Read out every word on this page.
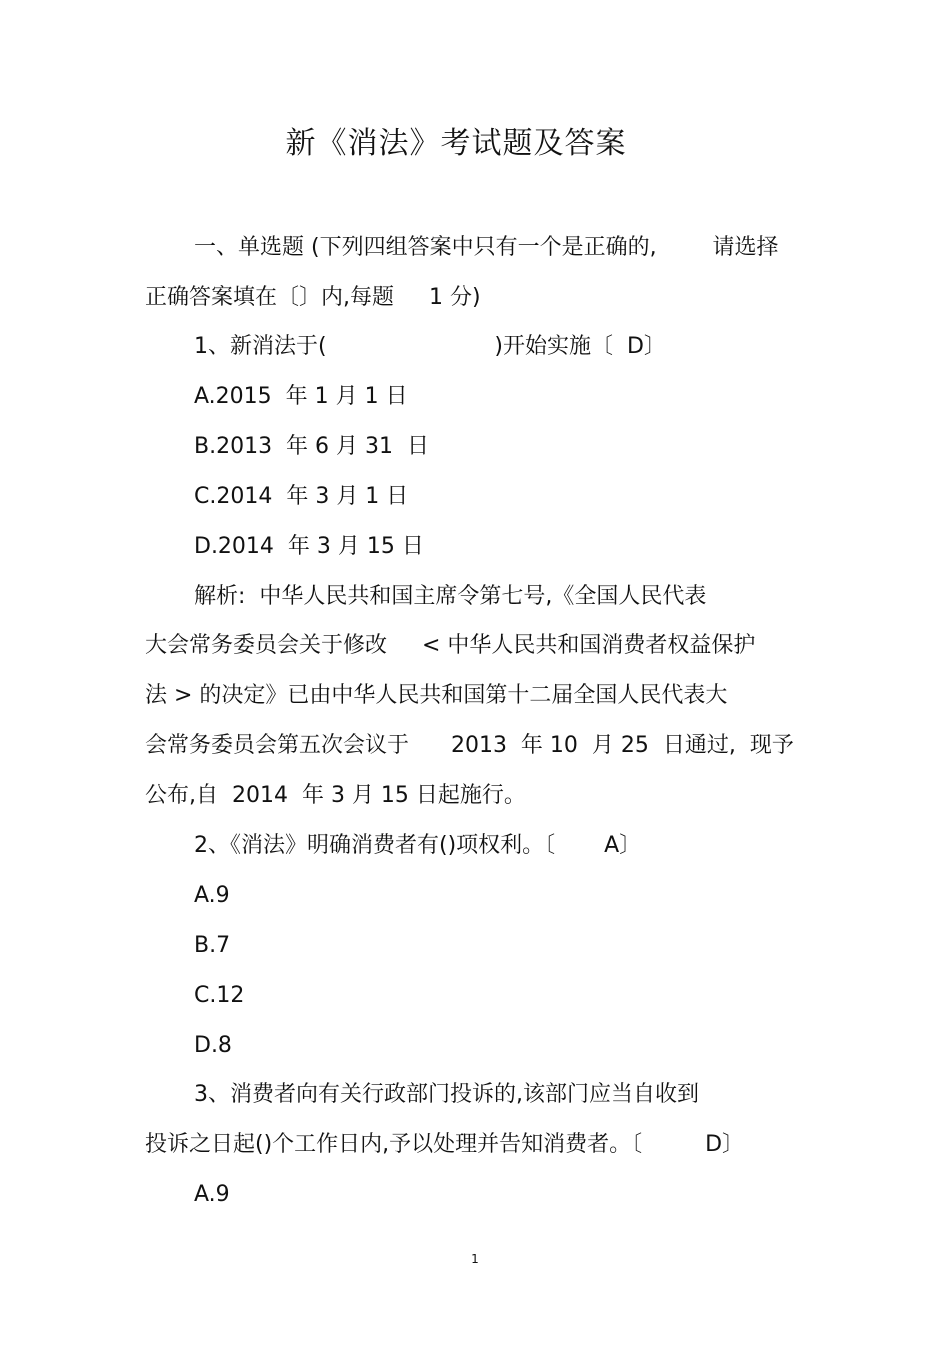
新《消法》考试题及答案
一、单选题 (下列四组答案中只有一个是正确的,        请选择
正确答案填在〔〕内,每题     1 分)
1、新消法于(                        )开始实施〔  D〕
A.2015  年 1 月 1 日
B.2013  年 6 月 31  日
C.2014  年 3 月 1 日
D.2014  年 3 月 15 日
解析:  中华人民共和国主席令第七号,《全国人民代表
大会常务委员会关于修改     < 中华人民共和国消费者权益保护
法 > 的决定》已由中华人民共和国第十二届全国人民代表大
会常务委员会第五次会议于      2013  年 10  月 25  日通过,  现予
公布,自  2014  年 3 月 15 日起施行。
2、《消法》明确消费者有()项权利。〔       A〕
A.9
B.7
C.12
D.8
3、消费者向有关行政部门投诉的,该部门应当自收到
投诉之日起()个工作日内,予以处理并告知消费者。〔         D〕
A.9
1
